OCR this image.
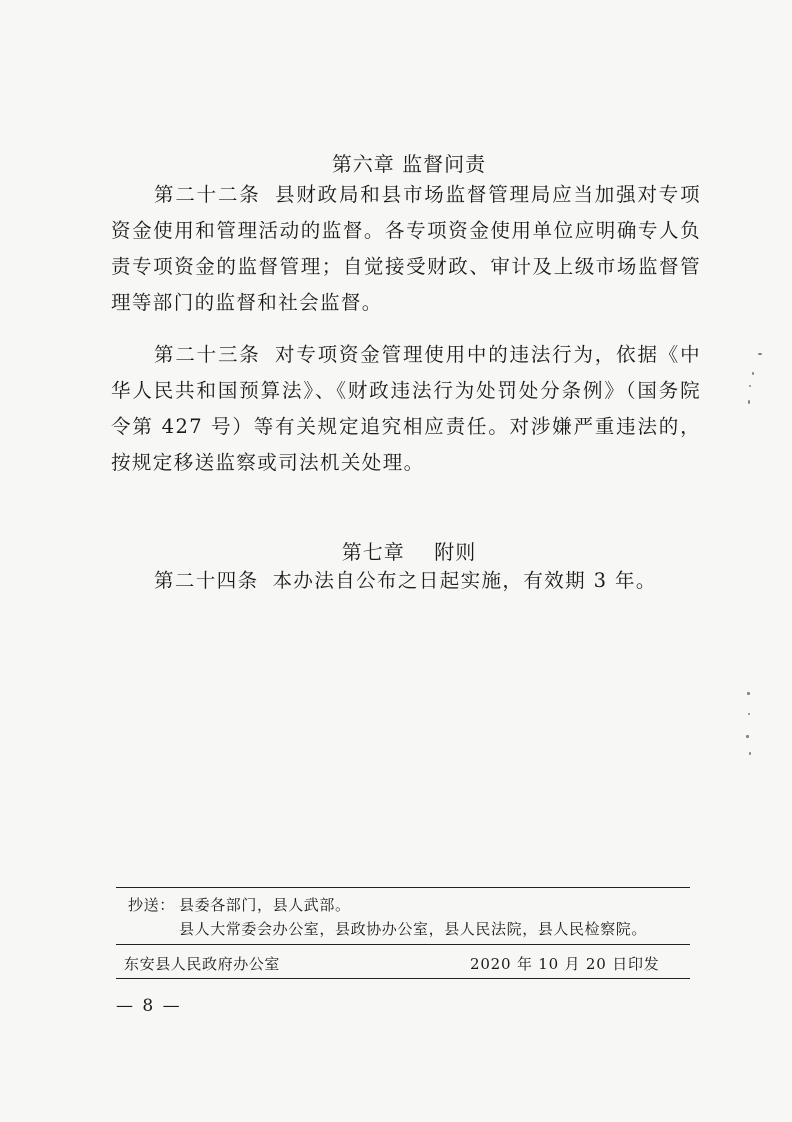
第六章 监督问责

第二十二条 县财政局和县市场监督管理局应当加强对专项资金使用和管理活动的监督。各专项资金使用单位应明确专人负责专项资金的监督管理；自觉接受财政、审计及上级市场监督管理等部门的监督和社会监督。

第二十三条 对专项资金管理使用中的违法行为，依据《中华人民共和国预算法》、《财政违法行为处罚处分条例》（国务院令第 427 号）等有关规定追究相应责任。对涉嫌严重违法的，按规定移送监察或司法机关处理。

第七章    附则

第二十四条 本办法自公布之日起实施，有效期 3 年。

抄送： 县委各部门，县人武部。
县人大常委会办公室，县政协办公室，县人民法院，县人民检察院。
东安县人民政府办公室	2020 年 10 月 20 日印发
— 8 —
